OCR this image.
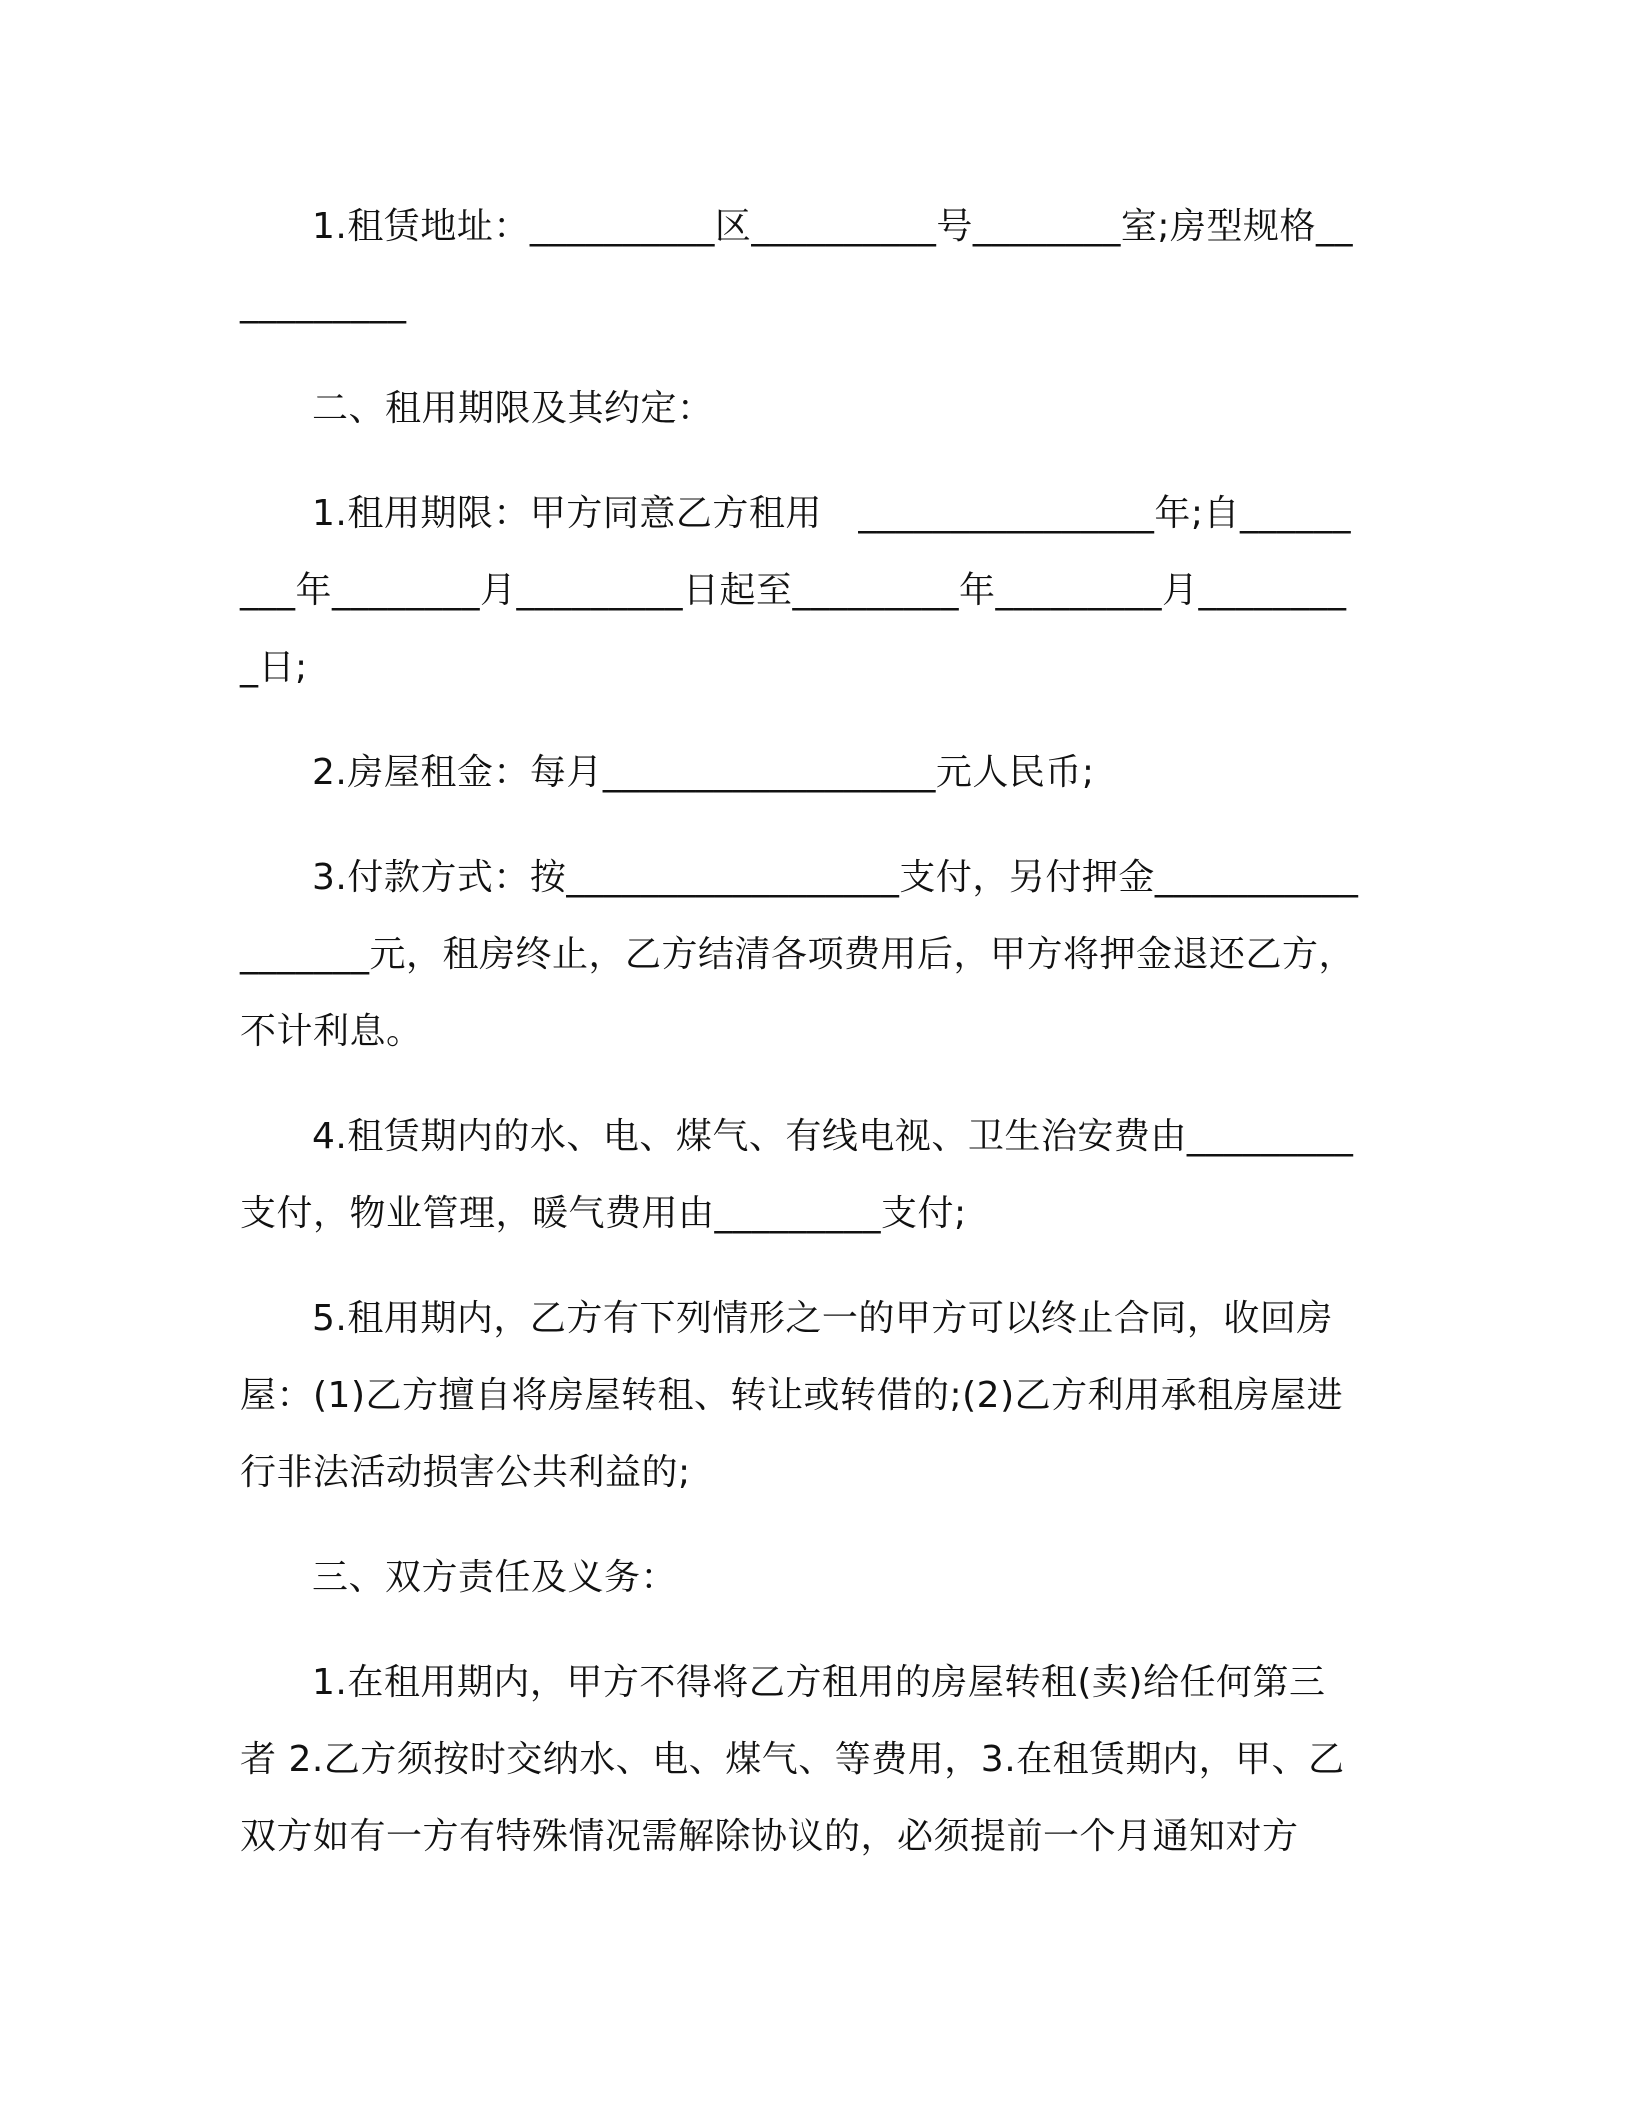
1.租赁地址：__________区__________号________室;房型规格___________

二、租用期限及其约定：

1.租用期限：甲方同意乙方租用　________________年;自_________年________月_________日起至_________年_________月_________日;

2.房屋租金：每月__________________元人民币;

3.付款方式：按__________________支付，另付押金__________________元，租房终止，乙方结清各项费用后，甲方将押金退还乙方，不计利息。

4.租赁期内的水、电、煤气、有线电视、卫生治安费由_________支付，物业管理，暖气费用由_________支付;

5.租用期内，乙方有下列情形之一的甲方可以终止合同，收回房屋：(1)乙方擅自将房屋转租、转让或转借的;(2)乙方利用承租房屋进行非法活动损害公共利益的;

三、双方责任及义务：

1.在租用期内，甲方不得将乙方租用的房屋转租(卖)给任何第三者 2.乙方须按时交纳水、电、煤气、等费用，3.在租赁期内，甲、乙双方如有一方有特殊情况需解除协议的，必须提前一个月通知对方
